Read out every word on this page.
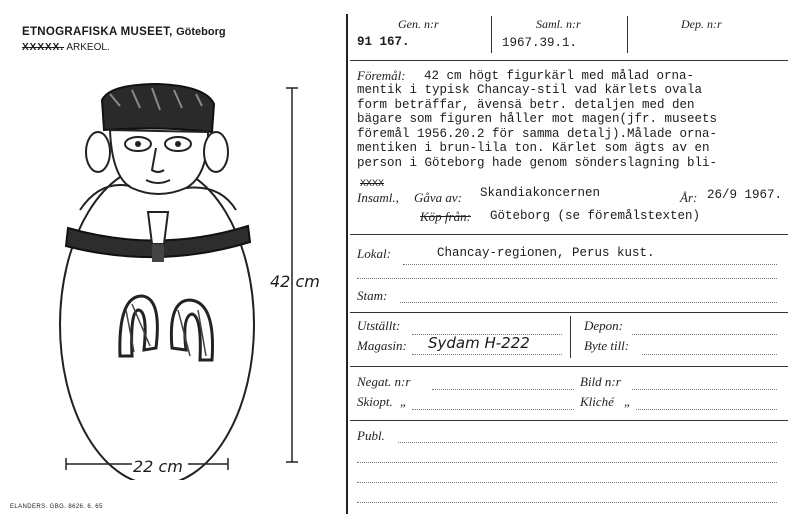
ETNOGRAFISKA MUSEET, Göteborg
XXXXX. ARKEOL.
42 cm
22 cm
ELANDERS. GBG. 8626. 6. 65
Gen. n:r
91 167.
Saml. n:r
1967.39.1.
Dep. n:r
Föremål: 42 cm högt figurkärl med målad orna-
mentik i typisk Chancay-stil vad kärlets ovala
form beträffar, ävensä betr. detaljen med den
bägare som figuren håller mot magen(jfr. museets
föremål 1956.20.2 för samma detalj).Målade orna-
mentiken i brun-lila ton. Kärlet som ägts av en
person i Göteborg hade genom sönderslagning bli-
XXXX
Insaml., Gåva av: Skandiakoncernen	År: 26/9 1967.
Köp från: Göteborg (se föremålstexten)
Lokal:	Chancay-regionen, Perus kust.
Stam:
Utställt:	Depon:
Magasin: Sydam H-222	Byte till:
Negat. n:r	Bild n:r
Skiopt. „	Kliché „
Publ.
